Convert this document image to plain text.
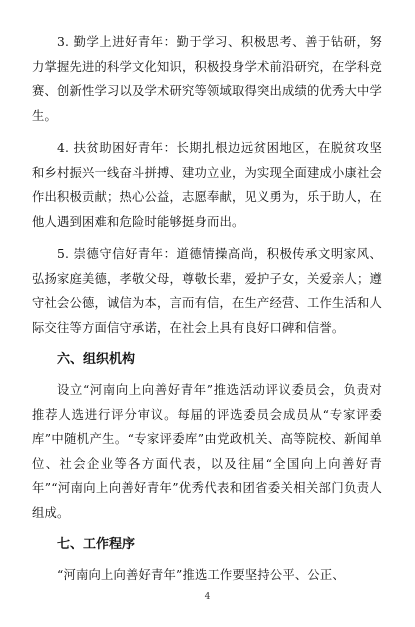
3. 勤学上进好青年：勤于学习、积极思考、善于钻研，努力掌握先进的科学文化知识，积极投身学术前沿研究，在学科竞赛、创新性学习以及学术研究等领域取得突出成绩的优秀大中学生。

4. 扶贫助困好青年：长期扎根边远贫困地区，在脱贫攻坚和乡村振兴一线奋斗拼搏、建功立业，为实现全面建成小康社会作出积极贡献；热心公益，志愿奉献，见义勇为，乐于助人，在他人遇到困难和危险时能够挺身而出。

5. 崇德守信好青年：道德情操高尚，积极传承文明家风、弘扬家庭美德，孝敬父母，尊敬长辈，爱护子女，关爱亲人；遵守社会公德，诚信为本，言而有信，在生产经营、工作生活和人际交往等方面信守承诺，在社会上具有良好口碑和信誉。

六、组织机构

设立“河南向上向善好青年”推选活动评议委员会，负责对推荐人选进行评分审议。每届的评选委员会成员从“专家评委库”中随机产生。“专家评委库”由党政机关、高等院校、新闻单位、社会企业等各方面代表，以及往届“全国向上向善好青年”“河南向上向善好青年”优秀代表和团省委关相关部门负责人组成。

七、工作程序

“河南向上向善好青年”推选工作要坚持公平、公正、

4
